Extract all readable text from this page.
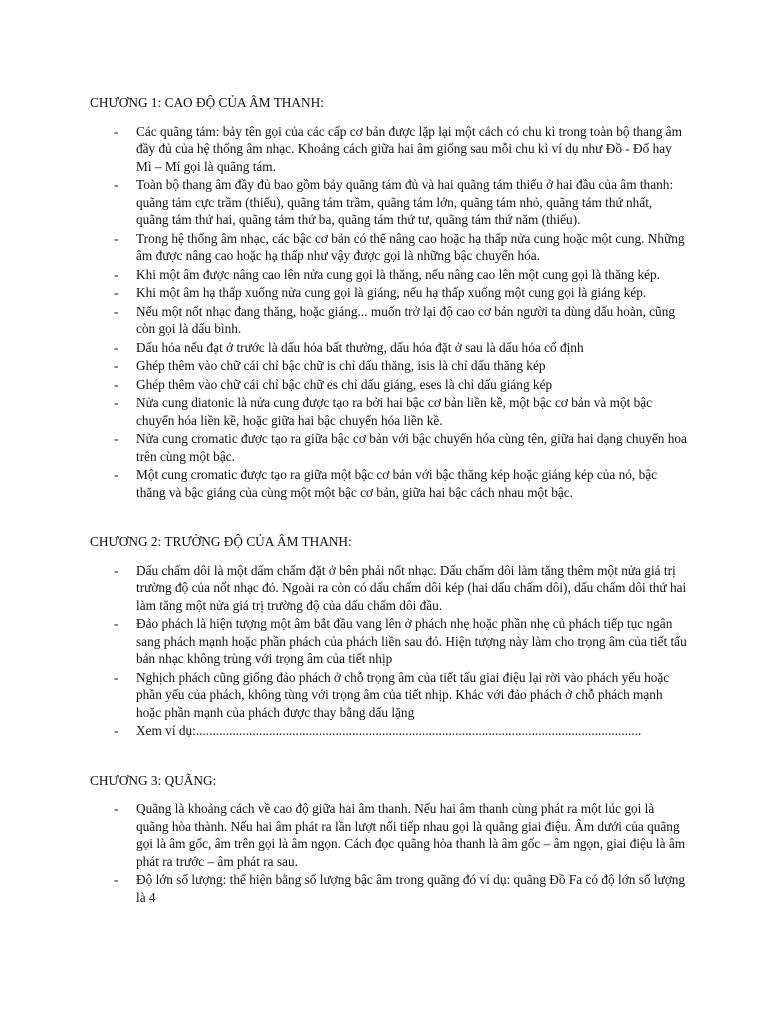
CHƯƠNG 1: CAO ĐỘ CỦA ÂM THANH:
- Các quãng tám: bảy tên gọi của các cấp cơ bản được lặp lại một cách có chu kì trong toàn bộ thang âm đầy đủ của hệ thống âm nhạc. Khoảng cách giữa hai âm giống sau mỗi chu kì ví dụ như Đồ - Đố hay Mì – Mí gọi là quãng tám.
- Toàn bộ thang âm đầy đủ bao gồm bảy quãng tám đủ và hai quãng tám thiếu ở hai đầu của âm thanh: quãng tám cực trầm (thiếu), quãng tám trầm, quãng tám lớn, quãng tám nhỏ, quãng tám thứ nhất, quãng tám thứ hai, quãng tám thứ ba, quãng tám thứ tư, quãng tám thứ năm (thiếu).
- Trong hệ thống âm nhạc, các bậc cơ bản có thể nâng cao hoặc hạ thấp nửa cung hoặc một cung. Những âm được nâng cao hoặc hạ thấp như vậy được gọi là những bậc chuyển hóa.
- Khi một âm được nâng cao lên nửa cung gọi là thăng, nếu nâng cao lên một cung gọi là thăng kép.
- Khi một âm hạ thấp xuống nửa cung gọi là giáng, nếu hạ thấp xuống một cung gọi là giáng kép.
- Nếu một nốt nhạc đang thăng, hoặc giáng... muốn trở lại độ cao cơ bản người ta dùng dấu hoàn, cũng còn gọi là dấu bình.
- Dấu hóa nếu đạt ở trước là dấu hóa bất thường, dấu hóa đặt ở sau là dấu hóa cố định
- Ghép thêm vào chữ cái chỉ bậc chữ is chỉ dấu thăng, isis là chỉ dấu thăng kép
- Ghép thêm vào chữ cái chỉ bậc chữ es chỉ dấu giáng, eses là chỉ dấu giáng kép
- Nửa cung diatonic là nửa cung được tạo ra bởi hai bậc cơ bản liền kề, một bậc cơ bản và một bậc chuyển hóa liền kề, hoặc giữa hai bậc chuyển hóa liền kề.
- Nửa cung cromatic được tạo ra giữa bậc cơ bản với bậc chuyển hóa cùng tên, giữa hai dạng chuyển hoa trên cùng một bậc.
- Một cung cromatic được tạo ra giữa một bậc cơ bản với bậc thăng kép hoặc giáng kép của nó, bậc thăng và bậc giáng của cùng một một bậc cơ bản, giữa hai bậc cách nhau một bậc.
CHƯƠNG 2: TRƯỜNG ĐỘ CỦA ÂM THANH:
- Dấu chấm dôi là một dấm chấm đặt ở bên phải nốt nhạc. Dấu chấm dôi làm tăng thêm một nửa giá trị trường độ của nốt nhạc đó. Ngoài ra còn có dấu chấm dôi kép (hai dấu chấm dôi), dấu chấm dôi thứ hai làm tăng một nửa giá trị trường độ của dấu chấm dôi đầu.
- Đảo phách là hiện tượng một âm bắt đầu vang lên ở phách nhẹ hoặc phần nhẹ củ phách tiếp tục ngân sang phách mạnh hoặc phần phách của phách liền sau đó. Hiện tượng này làm cho trọng âm của tiết tấu bản nhạc không trùng với trọng âm của tiết nhịp
- Nghịch phách cũng giống đảo phách ở chỗ trọng âm của tiết tấu giai điệu lại rời vào phách yếu hoặc phần yếu của phách, không tùng với trọng âm của tiết nhịp. Khác với đảo phách ở chỗ phách mạnh hoặc phần mạnh của phách được thay bằng dấu lặng
- Xem ví dụ:......................................................................................................................................
CHƯƠNG 3: QUÃNG:
- Quãng là khoảng cách về cao độ giữa hai âm thanh. Nếu hai âm thanh cùng phát ra một lúc gọi là quãng hòa thành. Nếu hai âm phát ra lần lượt nối tiếp nhau gọi là quãng giai điệu. Âm dưới của quãng gọi là âm gốc, âm trên gọi là âm ngọn. Cách đọc quãng hòa thanh là âm gốc – âm ngọn, giai điệu là âm phát ra trước – âm phát ra sau.
- Độ lớn số lượng: thể hiện bằng số lượng bậc âm trong quãng đó ví dụ: quãng Đồ Fa có độ lớn số lượng là 4
